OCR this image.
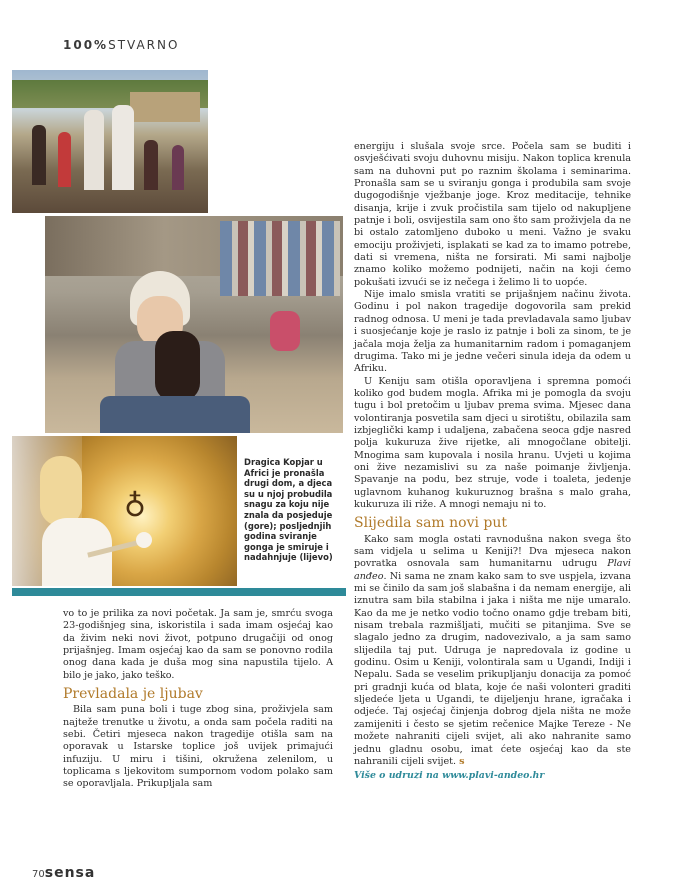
100%STVARNO
♁
Dragica Kopjar u Africi je pronašla drugi dom, a djeca su u njoj probudila snagu za koju nije znala da posjeduje (gore); posljednjih godina sviranje gonga je smiruje i nadahnjuje (lijevo)

vo to je prilika za novi početak. Ja sam je, smrću svoga 23-godišnjeg sina, iskoristila i sada imam osjećaj kao da živim neki novi život, potpuno drugačiji od onog prijašnjeg. Imam osjećaj kao da sam se ponovno rodila onog dana kada je duša mog sina napustila tijelo. A bilo je jako, jako teško.

Prevladala je ljubav

Bila sam puna boli i tuge zbog sina, proživjela sam najteže trenutke u životu, a onda sam počela raditi na sebi. Četiri mjeseca nakon tragedije otišla sam na oporavak u Istarske toplice još uvijek primajući infuziju. U miru i tišini, okružena zelenilom, u toplicama s ljekovitom sumpornom vodom polako sam se oporavljala. Prikupljala sam

energiju i slušala svoje srce. Počela sam se buditi i osvješćivati svoju duhovnu misiju. Nakon toplica krenula sam na duhovni put po raznim školama i seminarima. Pronašla sam se u sviranju gonga i produbila sam svoje dugogodišnje vježbanje joge. Kroz meditacije, tehnike disanja, krije i zvuk pročistila sam tijelo od nakupljene patnje i boli, osvijestila sam ono što sam proživjela da ne bi ostalo zatomljeno duboko u meni. Važno je svaku emociju proživjeti, isplakati se kad za to imamo potrebe, dati si vremena, ništa ne forsirati. Mi sami najbolje znamo koliko možemo podnijeti, način na koji ćemo pokušati izvući se iz nečega i želimo li to uopće.

Nije imalo smisla vratiti se prijašnjem načinu života. Godinu i pol nakon tragedije dogovorila sam prekid radnog odnosa. U meni je tada prevladavala samo ljubav i suosjećanje koje je raslo iz patnje i boli za sinom, te je jačala moja želja za humanitarnim radom i pomaganjem drugima. Tako mi je jedne večeri sinula ideja da odem u Afriku.

U Keniju sam otišla oporavljena i spremna pomoći koliko god budem mogla. Afrika mi je pomogla da svoju tugu i bol pretočim u ljubav prema svima. Mjesec dana volontiranja posvetila sam djeci u sirotištu, obilazila sam izbjeglički kamp i udaljena, zabačena seoca gdje nasred polja kukuruza žive rijetke, ali mnogočlane obitelji. Mnogima sam kupovala i nosila hranu. Uvjeti u kojima oni žive nezamislivi su za naše poimanje življenja. Spavanje na podu, bez struje, vode i toaleta, jedenje uglavnom kuhanog kukuruznog brašna s malo graha, kukuruza ili riže. A mnogi nemaju ni to.

Slijedila sam novi put

Kako sam mogla ostati ravnodušna nakon svega što sam vidjela u selima u Keniji?! Dva mjeseca nakon povratka osnovala sam humanitarnu udrugu Plavi anđeo. Ni sama ne znam kako sam to sve uspjela, izvana mi se činilo da sam još slabašna i da nemam energije, ali iznutra sam bila stabilna i jaka i ništa me nije umaralo. Kao da me je netko vodio točno onamo gdje trebam biti, nisam trebala razmišljati, mučiti se pitanjima. Sve se slagalo jedno za drugim, nadovezivalo, a ja sam samo slijedila taj put. Udruga je napredovala iz godine u godinu. Osim u Keniji, volontirala sam u Ugandi, Indiji i Nepalu. Sada se veselim prikupljanju donacija za pomoć pri gradnji kuća od blata, koje će naši volonteri graditi sljedeće ljeta u Ugandi, te dijeljenju hrane, igračaka i odjeće. Taj osjećaj činjenja dobrog djela ništa ne može zamijeniti i često se sjetim rečenice Majke Tereze - Ne možete nahraniti cijeli svijet, ali ako nahranite samo jednu gladnu osobu, imat ćete osjećaj kao da ste nahranili cijeli svijet. s

Više o udruzi na www.plavi-andeo.hr
70sensa
